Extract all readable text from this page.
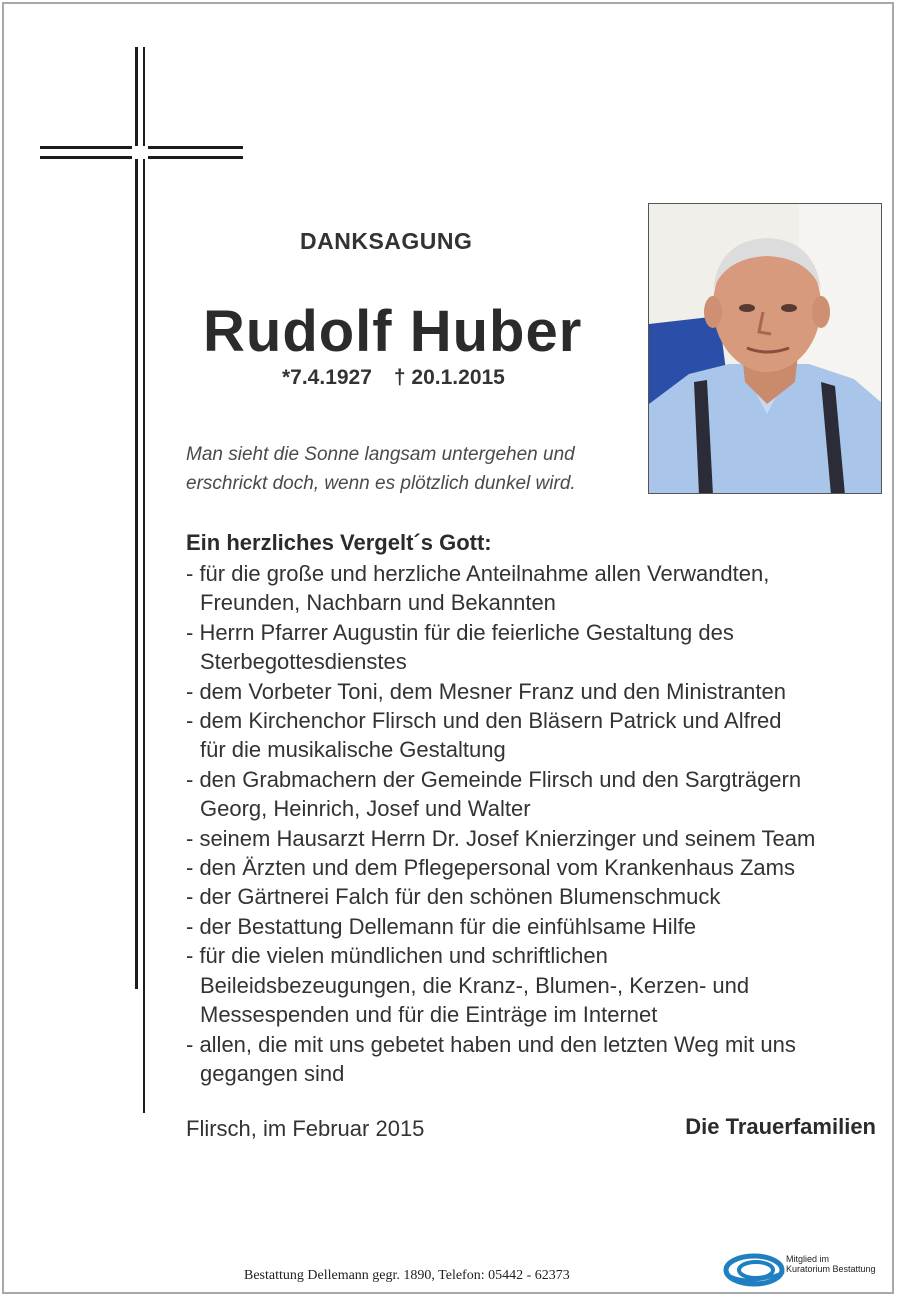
DANKSAGUNG
Rudolf Huber
*7.4.1927 † 20.1.2015
Man sieht die Sonne langsam untergehen und
erschrickt doch, wenn es plötzlich dunkel wird.
Ein herzliches Vergelt´s Gott:
- für die große und herzliche Anteilnahme allen Verwandten,
Freunden, Nachbarn und Bekannten
- Herrn Pfarrer Augustin für die feierliche Gestaltung des
Sterbegottesdienstes
- dem Vorbeter Toni, dem Mesner Franz und den Ministranten
- dem Kirchenchor Flirsch und den Bläsern Patrick und Alfred
für die musikalische Gestaltung
- den Grabmachern der Gemeinde Flirsch und den Sargträgern
Georg, Heinrich, Josef und Walter
- seinem Hausarzt Herrn Dr. Josef Knierzinger und seinem Team
- den Ärzten und dem Pflegepersonal vom Krankenhaus Zams
- der Gärtnerei Falch für den schönen Blumenschmuck
- der Bestattung Dellemann für die einfühlsame Hilfe
- für die vielen mündlichen und schriftlichen
Beileidsbezeugungen, die Kranz-, Blumen-, Kerzen- und
Messespenden und für die Einträge im Internet
- allen, die mit uns gebetet haben und den letzten Weg mit uns
gegangen sind
Flirsch, im Februar 2015	Die Trauerfamilien
Bestattung Dellemann gegr. 1890, Telefon: 05442 - 62373
Mitglied im
Kuratorium Bestattung
